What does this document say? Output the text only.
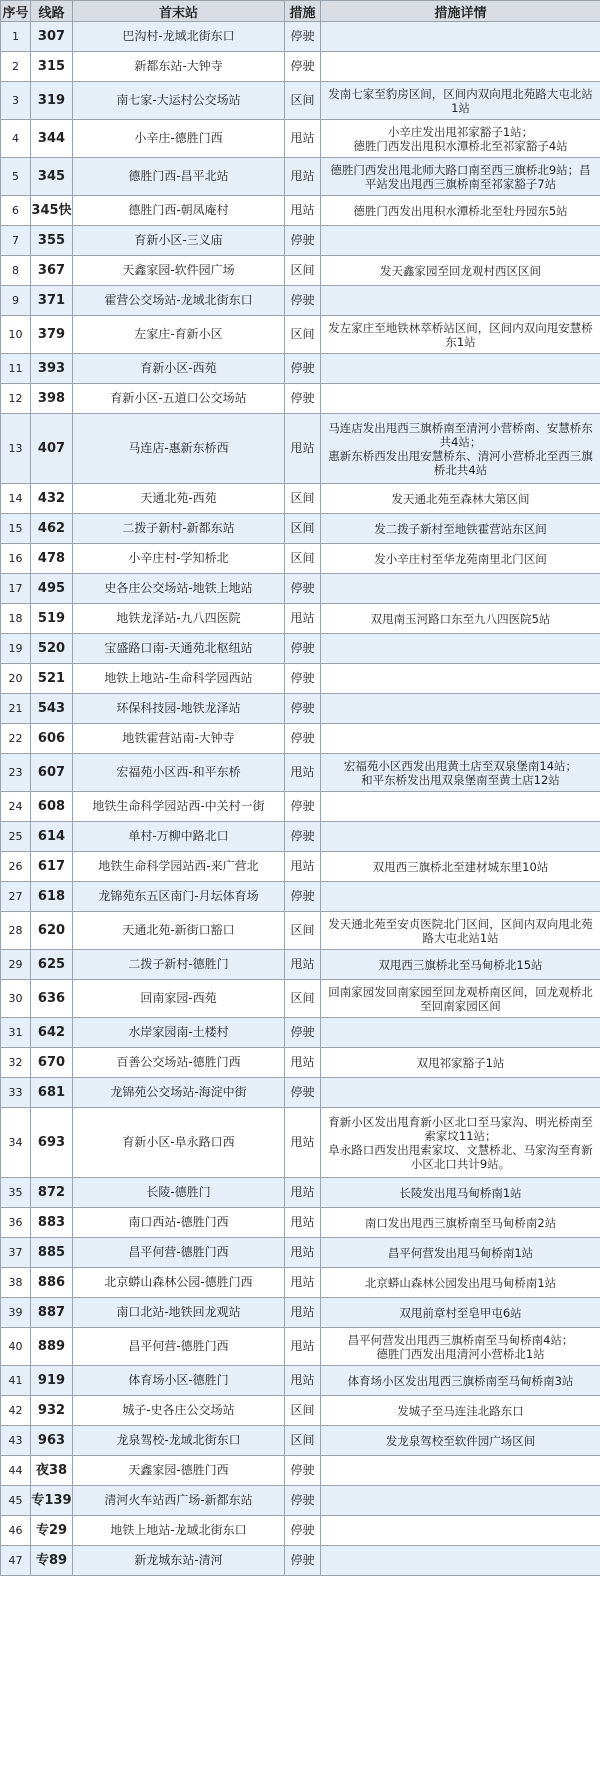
序号	线路	首末站	措施	措施详情
1	307	巴沟村-龙域北街东口	停驶	
2	315	新都东站-大钟寺	停驶	
3	319	南七家-大运村公交场站	区间	发南七家至豹房区间，区间内双向甩北苑路大屯北站1站
4	344	小辛庄-德胜门西	甩站	小辛庄发出甩祁家豁子1站；
德胜门西发出甩积水潭桥北至祁家豁子4站
5	345	德胜门西-昌平北站	甩站	德胜门西发出甩北师大路口南至西三旗桥北9站；昌平站发出甩西三旗桥南至祁家豁子7站
6	345快	德胜门西-朝凤庵村	甩站	德胜门西发出甩积水潭桥北至牡丹园东5站
7	355	育新小区-三义庙	停驶	
8	367	天鑫家园-软件园广场	区间	发天鑫家园至回龙观村西区区间
9	371	霍营公交场站-龙域北街东口	停驶	
10	379	左家庄-育新小区	区间	发左家庄至地铁林萃桥站区间，区间内双向甩安慧桥东1站
11	393	育新小区-西苑	停驶	
12	398	育新小区-五道口公交场站	停驶	
13	407	马连店-惠新东桥西	甩站	马连店发出甩西三旗桥南至清河小营桥南、安慧桥东共4站；
惠新东桥西发出甩安慧桥东、清河小营桥北至西三旗桥北共4站
14	432	天通北苑-西苑	区间	发天通北苑至森林大第区间
15	462	二拨子新村-新都东站	区间	发二拨子新村至地铁霍营站东区间
16	478	小辛庄村-学知桥北	区间	发小辛庄村至华龙苑南里北门区间
17	495	史各庄公交场站-地铁上地站	停驶	
18	519	地铁龙泽站-九八四医院	甩站	双甩南玉河路口东至九八四医院5站
19	520	宝盛路口南-天通苑北枢纽站	停驶	
20	521	地铁上地站-生命科学园西站	停驶	
21	543	环保科技园-地铁龙泽站	停驶	
22	606	地铁霍营站南-大钟寺	停驶	
23	607	宏福苑小区西-和平东桥	甩站	宏福苑小区西发出甩黄土店至双泉堡南14站；
和平东桥发出甩双泉堡南至黄土店12站
24	608	地铁生命科学园站西-中关村一街	停驶	
25	614	单村-万柳中路北口	停驶	
26	617	地铁生命科学园站西-来广营北	甩站	双甩西三旗桥北至建材城东里10站
27	618	龙锦苑东五区南门-月坛体育场	停驶	
28	620	天通北苑-新街口豁口	区间	发天通北苑至安贞医院北门区间，区间内双向甩北苑路大屯北站1站
29	625	二拨子新村-德胜门	甩站	双甩西三旗桥北至马甸桥北15站
30	636	回南家园-西苑	区间	回南家园发回南家园至回龙观桥南区间，回龙观桥北至回南家园区间
31	642	水岸家园南-土楼村	停驶	
32	670	百善公交场站-德胜门西	甩站	双甩祁家豁子1站
33	681	龙锦苑公交场站-海淀中街	停驶	
34	693	育新小区-阜永路口西	甩站	育新小区发出甩育新小区北口至马家沟、明光桥南至索家坟11站；
阜永路口西发出甩索家坟、文慧桥北、马家沟至育新小区北口共计9站。
35	872	长陵-德胜门	甩站	长陵发出甩马甸桥南1站
36	883	南口西站-德胜门西	甩站	南口发出甩西三旗桥南至马甸桥南2站
37	885	昌平何营-德胜门西	甩站	昌平何营发出甩马甸桥南1站
38	886	北京蟒山森林公园-德胜门西	甩站	北京蟒山森林公园发出甩马甸桥南1站
39	887	南口北站-地铁回龙观站	甩站	双甩前章村至皂甲屯6站
40	889	昌平何营-德胜门西	甩站	昌平何营发出甩西三旗桥南至马甸桥南4站；
德胜门西发出甩清河小营桥北1站
41	919	体育场小区-德胜门	甩站	体育场小区发出甩西三旗桥南至马甸桥南3站
42	932	城子-史各庄公交场站	区间	发城子至马连洼北路东口
43	963	龙泉驾校-龙域北街东口	区间	发龙泉驾校至软件园广场区间
44	夜38	天鑫家园-德胜门西	停驶	
45	专139	清河火车站西广场-新都东站	停驶	
46	专29	地铁上地站-龙域北街东口	停驶	
47	专89	新龙城东站-清河	停驶	
